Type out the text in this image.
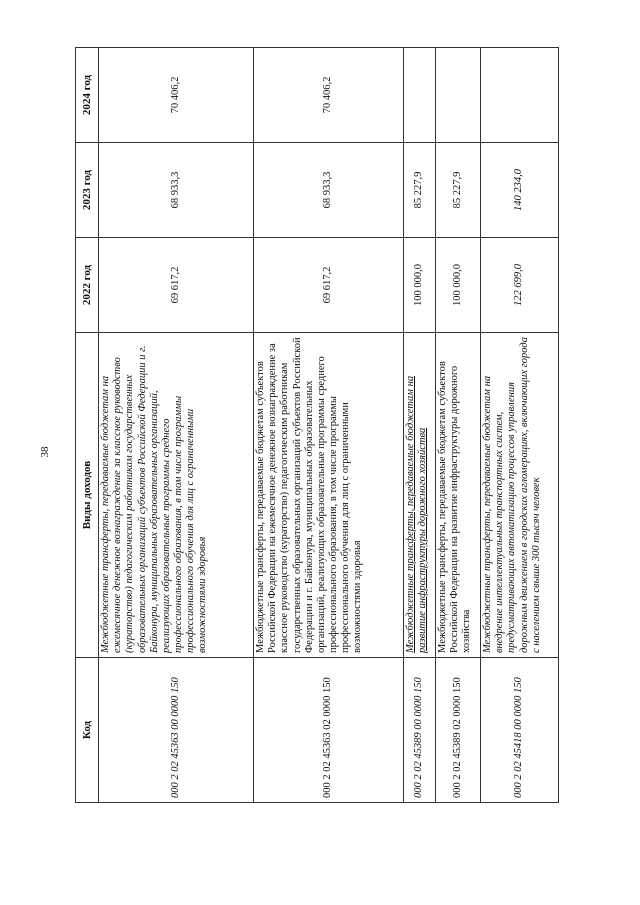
38
Код	Виды доходов	2022 год	2023 год	2024 год
000 2 02 45363 00 0000 150	Межбюджетные трансферты, передаваемые бюджетам на ежемесячное денежное вознаграждение за классное руководство (кураторство) педагогическим работникам государственных образовательных организаций субъектов Российской Федерации и г. Байконура, муниципальных образовательных организаций, реализующих образовательные программы среднего профессионального образования, в том числе программы профессионального обучения для лиц с ограниченными возможностями здоровья	69 617,2	68 933,3	70 406,2
000 2 02 45363 02 0000 150	Межбюджетные трансферты, передаваемые бюджетам субъектов Российской Федерации на ежемесячное денежное вознаграждение за классное руководство (кураторство) педагогическим работникам государственных образовательных организаций субъектов Российской Федерации и г. Байконура, муниципальных образовательных организаций, реализующих образовательные программы среднего профессионального образования, в том числе программы профессионального обучения для лиц с ограниченными возможностями здоровья	69 617,2	68 933,3	70 406,2
000 2 02 45389 00 0000 150	Межбюджетные трансферты, передаваемые бюджетам на развитие инфраструктуры дорожного хозяйства	100 000,0	85 227,9	
000 2 02 45389 02 0000 150	Межбюджетные трансферты, передаваемые бюджетам субъектов Российской Федерации на развитие инфраструктуры дорожного хозяйства	100 000,0	85 227,9	
000 2 02 45418 00 0000 150	Межбюджетные трансферты, передаваемые бюджетам на внедрение интеллектуальных транспортных систем, предусматривающих автоматизацию процессов управления дорожным движением в городских агломерациях, включающих города с населением свыше 300 тысяч человек	122 699,0	140 234,0	
